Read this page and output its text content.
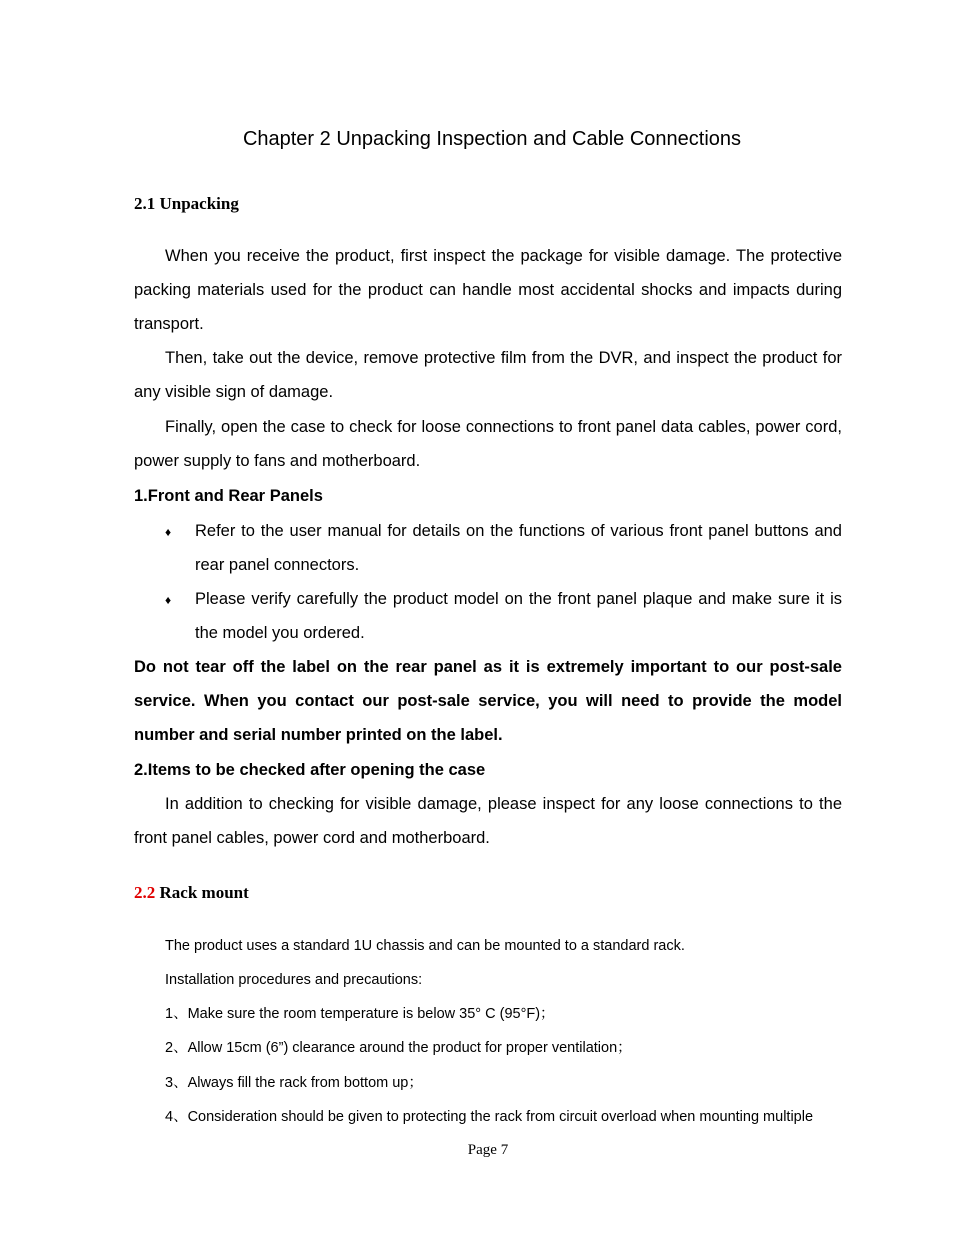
Chapter 2 Unpacking Inspection and Cable Connections
2.1 Unpacking
When you receive the product, first inspect the package for visible damage. The protective packing materials used for the product can handle most accidental shocks and impacts during transport.
Then, take out the device, remove protective film from the DVR, and inspect the product for any visible sign of damage.
Finally, open the case to check for loose connections to front panel data cables, power cord, power supply to fans and motherboard.
1.Front and Rear Panels
♦	Refer to the user manual for details on the functions of various front panel buttons and rear panel connectors.
♦	Please verify carefully the product model on the front panel plaque and make sure it is the model you ordered.
Do not tear off the label on the rear panel as it is extremely important to our post-sale service. When you contact our post-sale service, you will need to provide the model number and serial number printed on the label.
2.Items to be checked after opening the case
In addition to checking for visible damage, please inspect for any loose connections to the front panel cables, power cord and motherboard.
2.2 Rack mount
The product uses a standard 1U chassis and can be mounted to a standard rack.
Installation procedures and precautions:
1、Make sure the room temperature is below 35° C (95°F)；
2、Allow 15cm (6”) clearance around the product for proper ventilation；
3、Always fill the rack from bottom up；
4、Consideration should be given to protecting the rack from circuit overload when mounting multiple
Page 7
